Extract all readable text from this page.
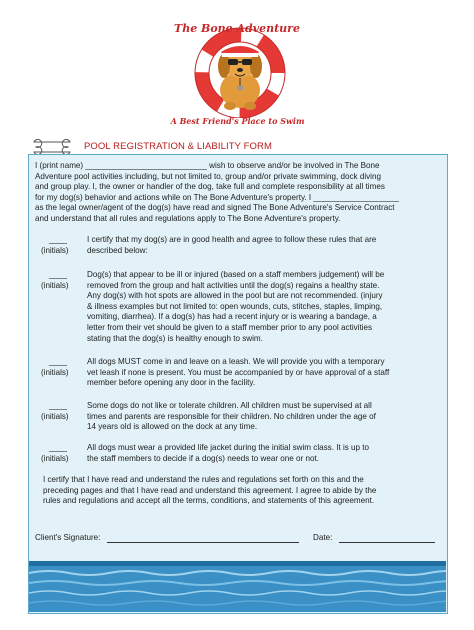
The Bone Adventure
A Best Friend's Place to Swim
POOL REGISTRATION & LIABILITY FORM
I (print name) ___________________________ wish to observe and/or be involved in The Bone
Adventure pool activities including, but not limited to, group and/or private swimming, dock diving
and group play. I, the owner or handler of the dog, take full and complete responsibility at all times
for my dog(s) behavior and actions while on The Bone Adventure's property. I ___________________
as the legal owner/agent of the dog(s) have read and signed The Bone Adventure's Service Contract
and understand that all rules and regulations apply to The Bone Adventure's property.
____
(initials)
I certify that my dog(s) are in good health and agree to follow these rules that are
described below:
____
(initials)
Dog(s) that appear to be ill or injured (based on a staff members judgement) will be
removed from the group and halt activities until the dog(s) regains a healthy state.
Any dog(s) with hot spots are allowed in the pool but are not recommended. (injury
& illness examples but not limited to: open wounds, cuts, stitches, staples, limping,
vomiting, diarrhea). If a dog(s) has had a recent injury or is wearing a bandage, a
letter from their vet should be given to a staff member prior to any pool activities
stating that the dog(s) is healthy enough to swim.
____
(initials)
All dogs MUST come in and leave on a leash. We will provide you with a temporary
vet leash if none is present. You must be accompanied by or have approval of a staff
member before opening any door in the facility.
____
(initials)
Some dogs do not like or tolerate children. All children must be supervised at all
times and parents are responsible for their children. No children under the age of
14 years old is allowed on the dock at any time.
____
(initials)
All dogs must wear a provided life jacket during the initial swim class. It is up to
the staff members to decide if a dog(s) needs to wear one or not.
I certify that I have read and understand the rules and regulations set forth on this and the
preceding pages and that I have read and understand this agreement. I agree to abide by the
rules and regulations and accept all the terms, conditions, and statements of this agreement.
Client's Signature:	Date:
